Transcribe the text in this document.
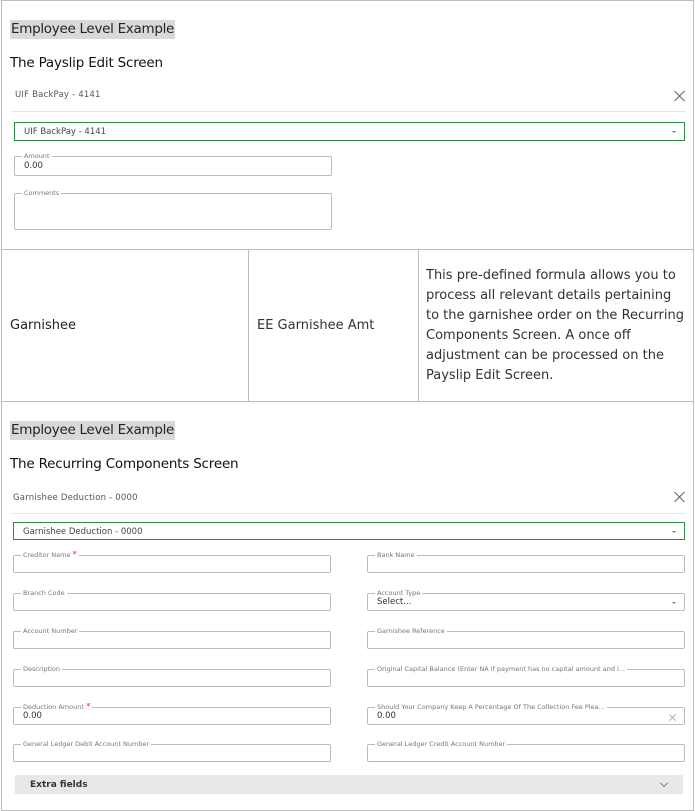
Employee Level Example
The Payslip Edit Screen
UIF BackPay - 4141
UIF BackPay - 4141
Amount
0.00
Comments
Garnishee	EE Garnishee Amt
This pre-defined formula allows you to process all relevant details pertaining to the garnishee order on the Recurring Components Screen. A once off adjustment can be processed on the Payslip Edit Screen.
Employee Level Example
The Recurring Components Screen
Garnishee Deduction - 0000
Garnishee Deduction - 0000
Creditor Name *
Branch Code
Account Number
Description
Deduction Amount *
0.00
General Ledger Debit Account Number
Bank Name
Account Type
Select...
Garnishee Reference
Original Capital Balance (Enter NA if payment has no capital amount and i...
Should Your Company Keep A Percentage Of The Collection Fee Plea...
0.00
General Ledger Credit Account Number
Extra fields
